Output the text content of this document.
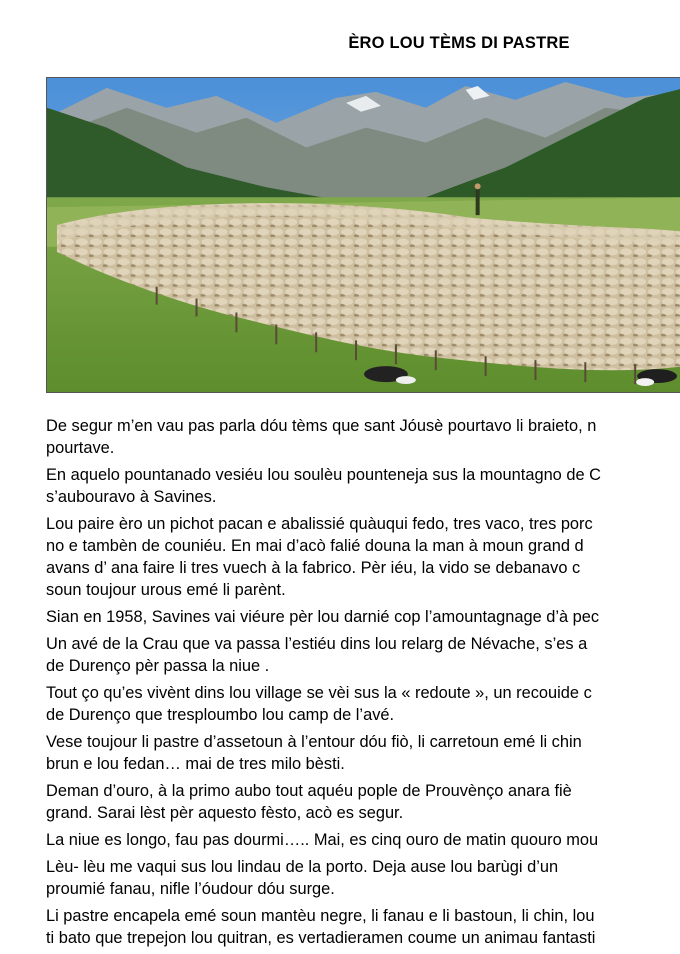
ÈRO LOU TÈMS DI PASTRE

De segur m’en vau pas parla dóu tèms que sant Jóusè pourtavo li braieto, n
pourtave.

En aquelo pountanado vesiéu lou soulèu pounteneja sus la mountagno de C
s’aubouravo à Savines.

Lou paire èro un pichot pacan e abalissié quàuqui fedo, tres vaco, tres porc
no e tambèn de couniéu. En mai d’acò falié douna la man à moun grand d
avans d’ ana faire li tres vuech à la fabrico. Pèr iéu, la vido se debanavo c
soun toujour urous emé li parènt.

Sian en 1958, Savines vai viéure pèr lou darnié cop l’amountagnage d’à pec

Un avé de la Crau que va passa l’estiéu dins lou relarg de Névache, s’es a
de Durenço pèr passa la niue .

Tout ço qu’es vivènt dins lou village se vèi sus la « redoute », un recouide c
de Durenço que tresploumbo lou camp de l’avé.

Vese toujour li pastre d’assetoun à l’entour dóu fiò, li carretoun emé li chin
brun e lou fedan… mai de tres milo bèsti.

Deman d’ouro, à la primo aubo tout aquéu pople de Prouvènço anara fiè
grand. Sarai lèst pèr aquesto fèsto, acò es segur.

La niue es longo, fau pas dourmi….. Mai, es cinq ouro de matin quouro mou

Lèu- lèu me vaqui sus lou lindau de la porto. Deja ause lou barùgi d’un
proumié fanau, nifle l’óudour dóu surge.

Li pastre encapela emé soun mantèu negre, li fanau e li bastoun, li chin, lou
ti bato que trepejon lou quitran, es vertadieramen coume un animau fantasti
